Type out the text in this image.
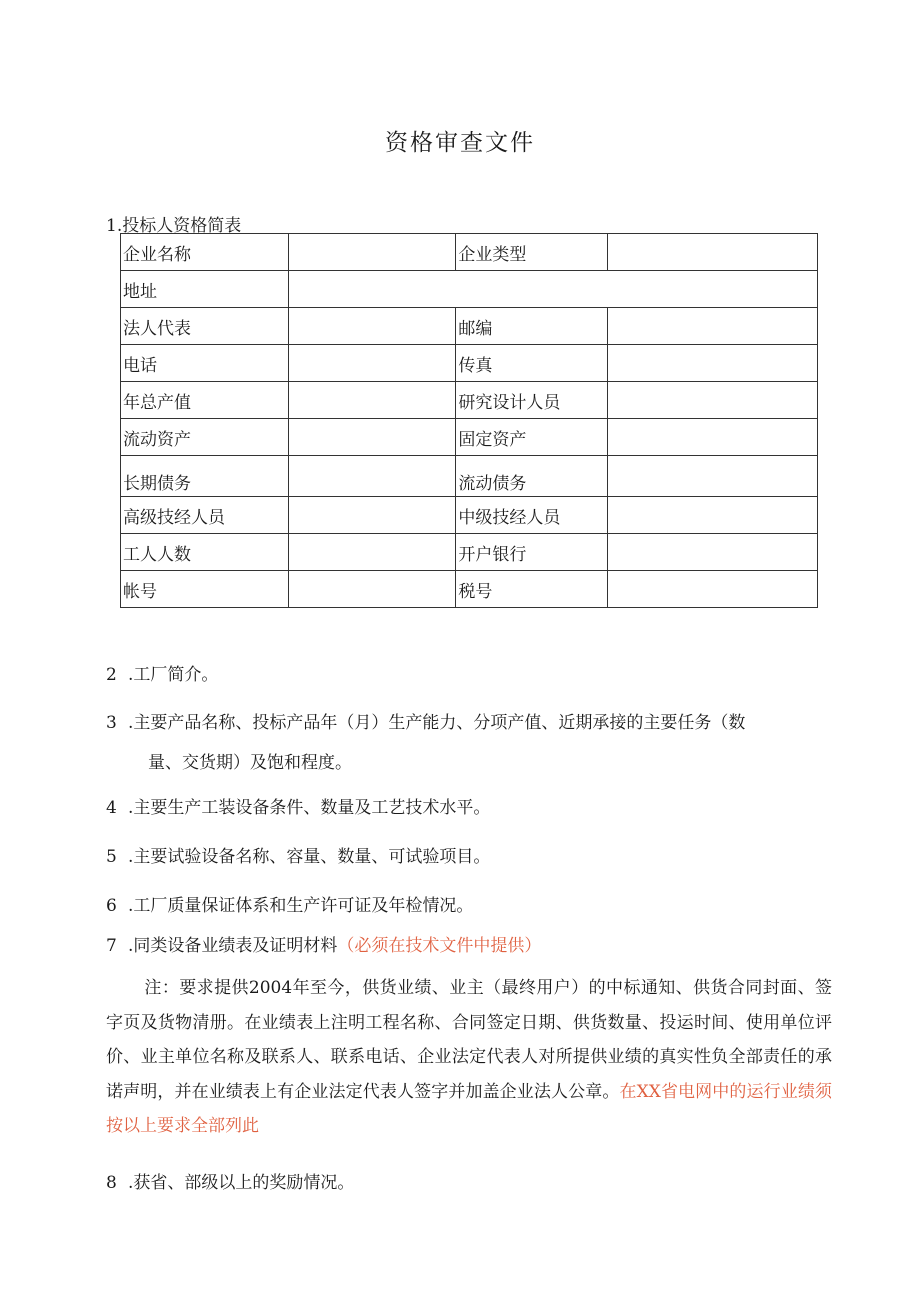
资格审查文件
1.投标人资格简表
企业名称		企业类型	
地址			
法人代表		邮编	
电话		传真	
年总产值		研究设计人员	
流动资产		固定资产	
长期债务		流动债务	
高级技经人员		中级技经人员	
工人人数		开户银行	
帐号		税号	
2 .工厂简介。
3 .主要产品名称、投标产品年（月）生产能力、分项产值、近期承接的主要任务（数
量、交货期）及饱和程度。
4 .主要生产工装设备条件、数量及工艺技术水平。
5 .主要试验设备名称、容量、数量、可试验项目。
6 .工厂质量保证体系和生产许可证及年检情况。
7 .同类设备业绩表及证明材料（必须在技术文件中提供）
注：要求提供2004年至今，供货业绩、业主（最终用户）的中标通知、供货合同封面、签字页及货物清册。在业绩表上注明工程名称、合同签定日期、供货数量、投运时间、使用单位评价、业主单位名称及联系人、联系电话、企业法定代表人对所提供业绩的真实性负全部责任的承诺声明，并在业绩表上有企业法定代表人签字并加盖企业法人公章。在XX省电网中的运行业绩须按以上要求全部列此
8 .获省、部级以上的奖励情况。
